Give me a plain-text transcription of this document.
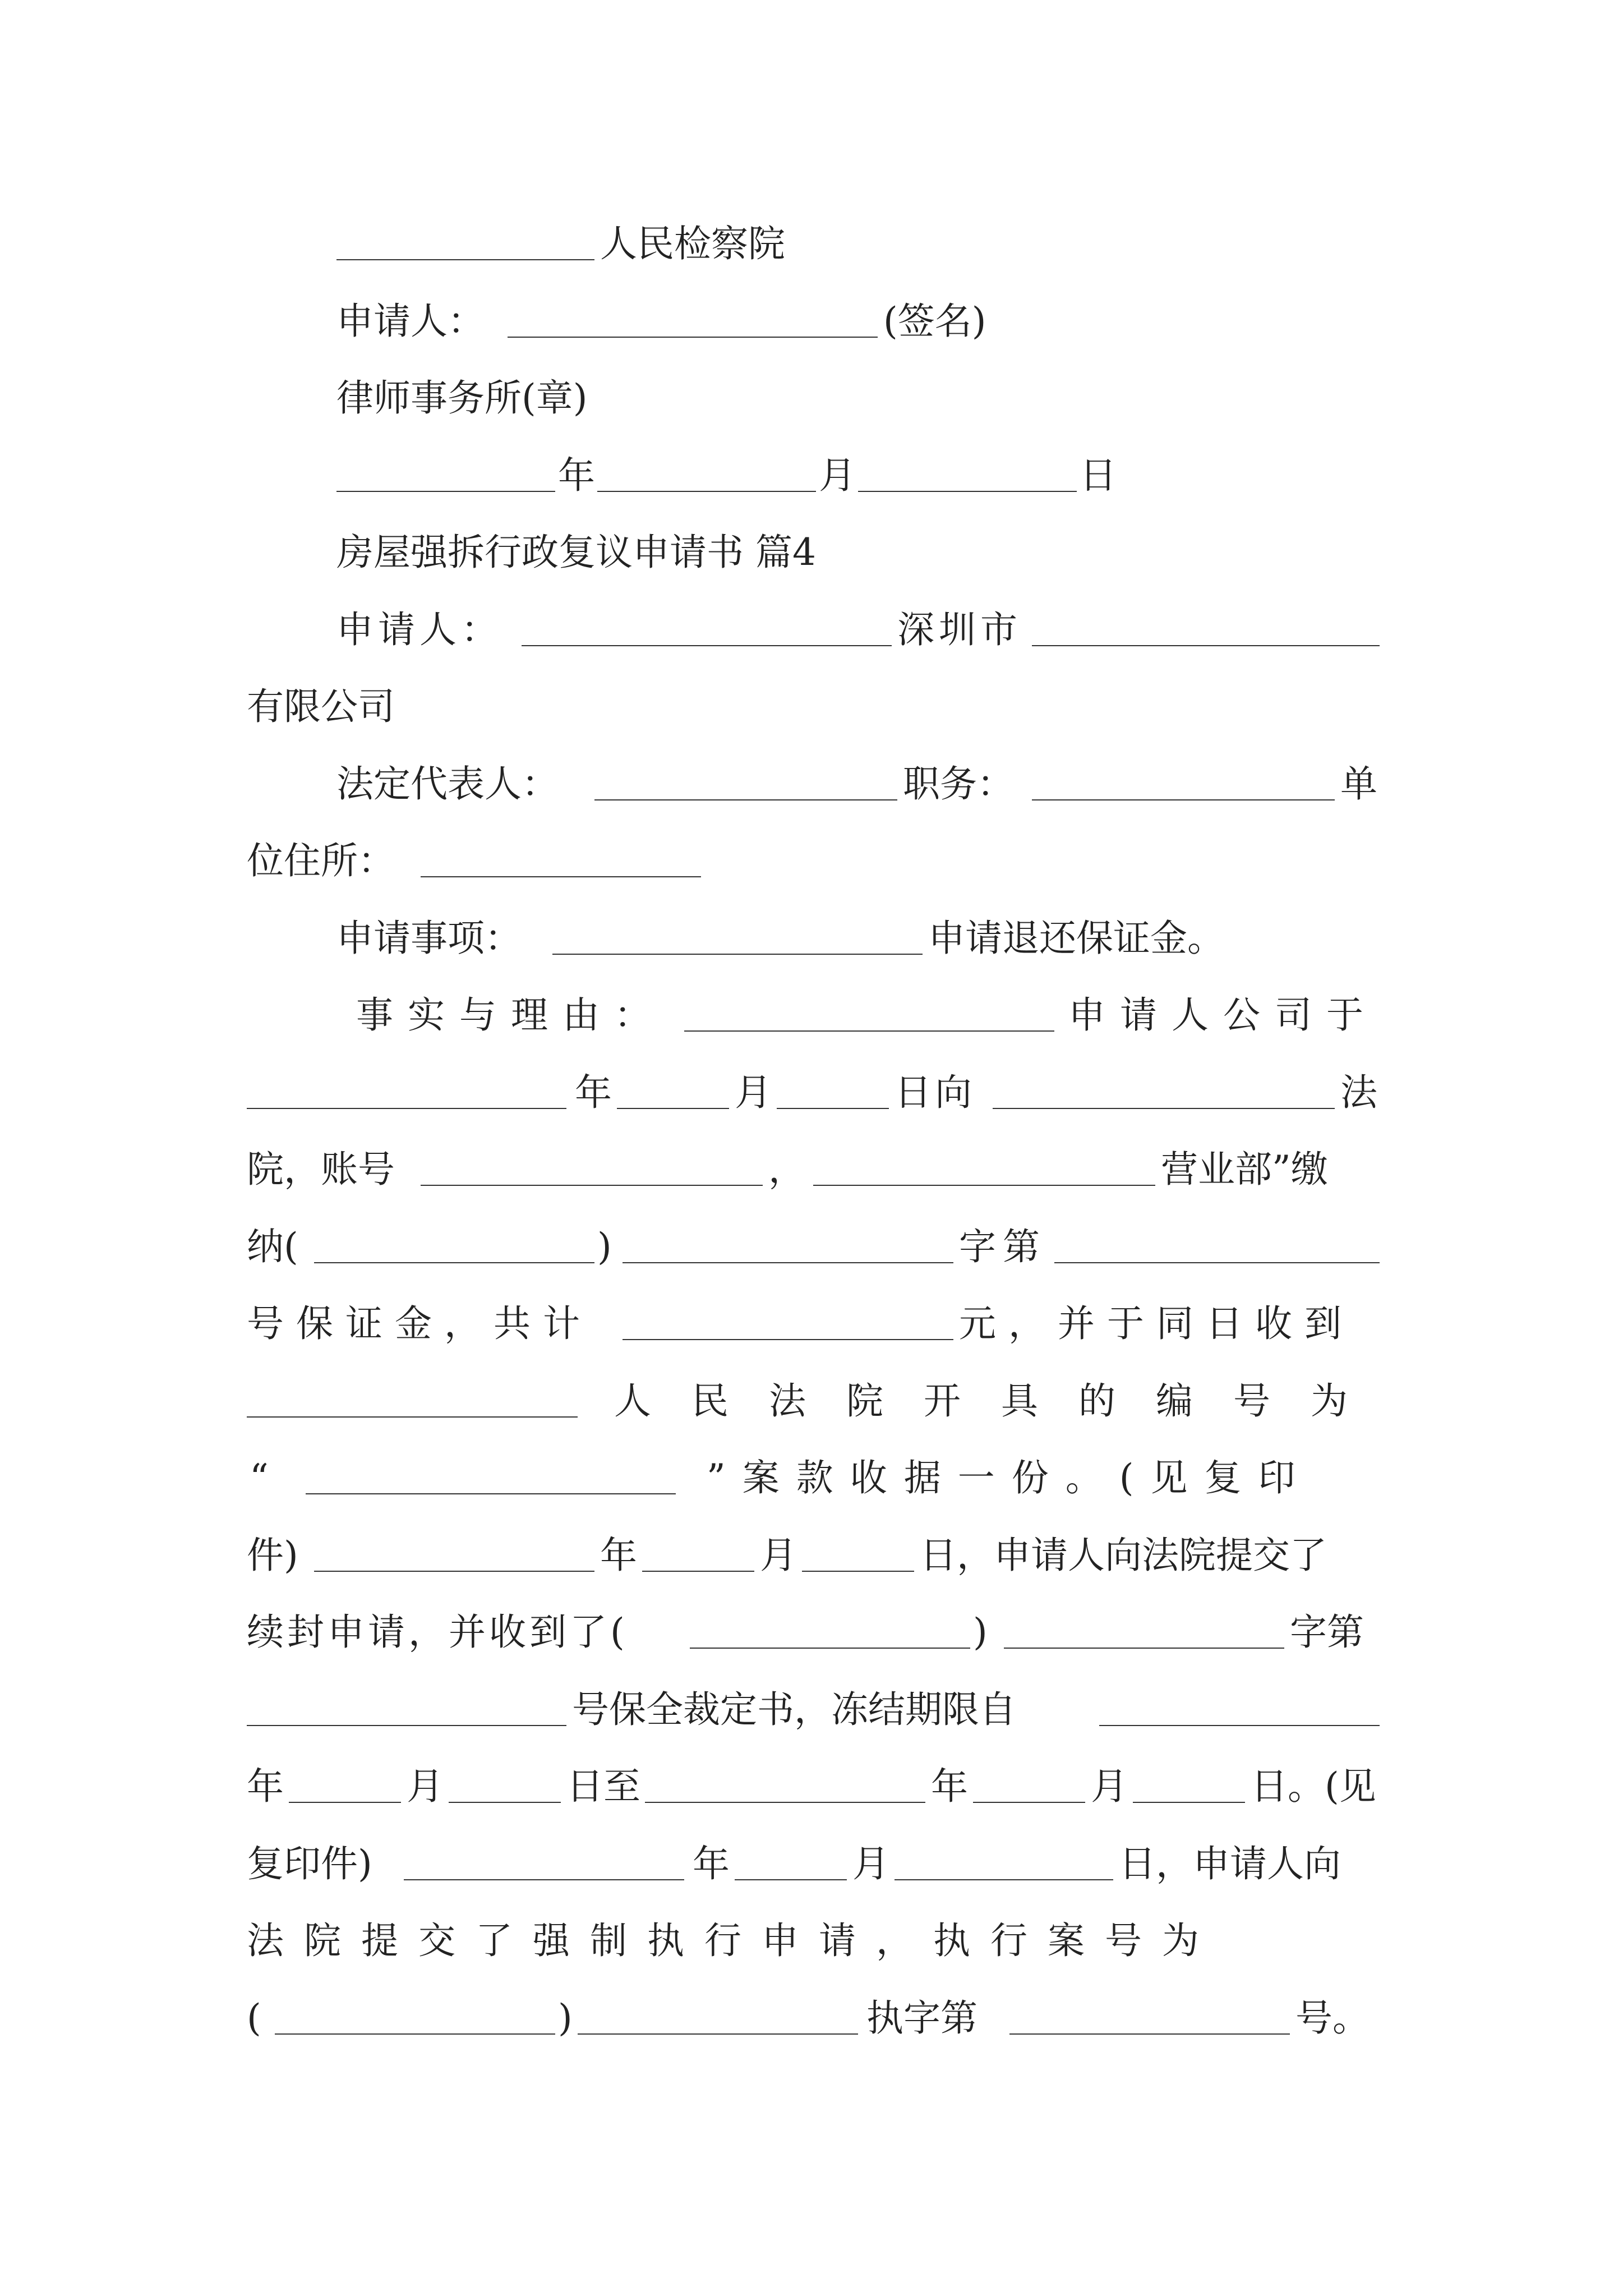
人民检察院
申请人：	(签名)
律师事务所(章)
年	月	日
房屋强拆行政复议申请书 篇4
申请人：	深圳市
有限公司
法定代表人：	职务：	单
位住所：
申请事项：	申请退还保证金。
事实与理由：	申请人公司于
年	月	日向	法
院，账号	，	营业部”缴
纳(	)	字第
号保证金，共计	元，并于同日收到
人民法院开具的编号为
“	”案款收据一份。(见复印
件)	年	月	日，申请人向法院提交了
续封申请，并收到了(	)	字第
号保全裁定书，冻结期限自
年	月	日至	年	月	日。(见
复印件)	年	月	日，申请人向
法院提交了强制执行申请，执行案号为
(	)	执字第	号。
